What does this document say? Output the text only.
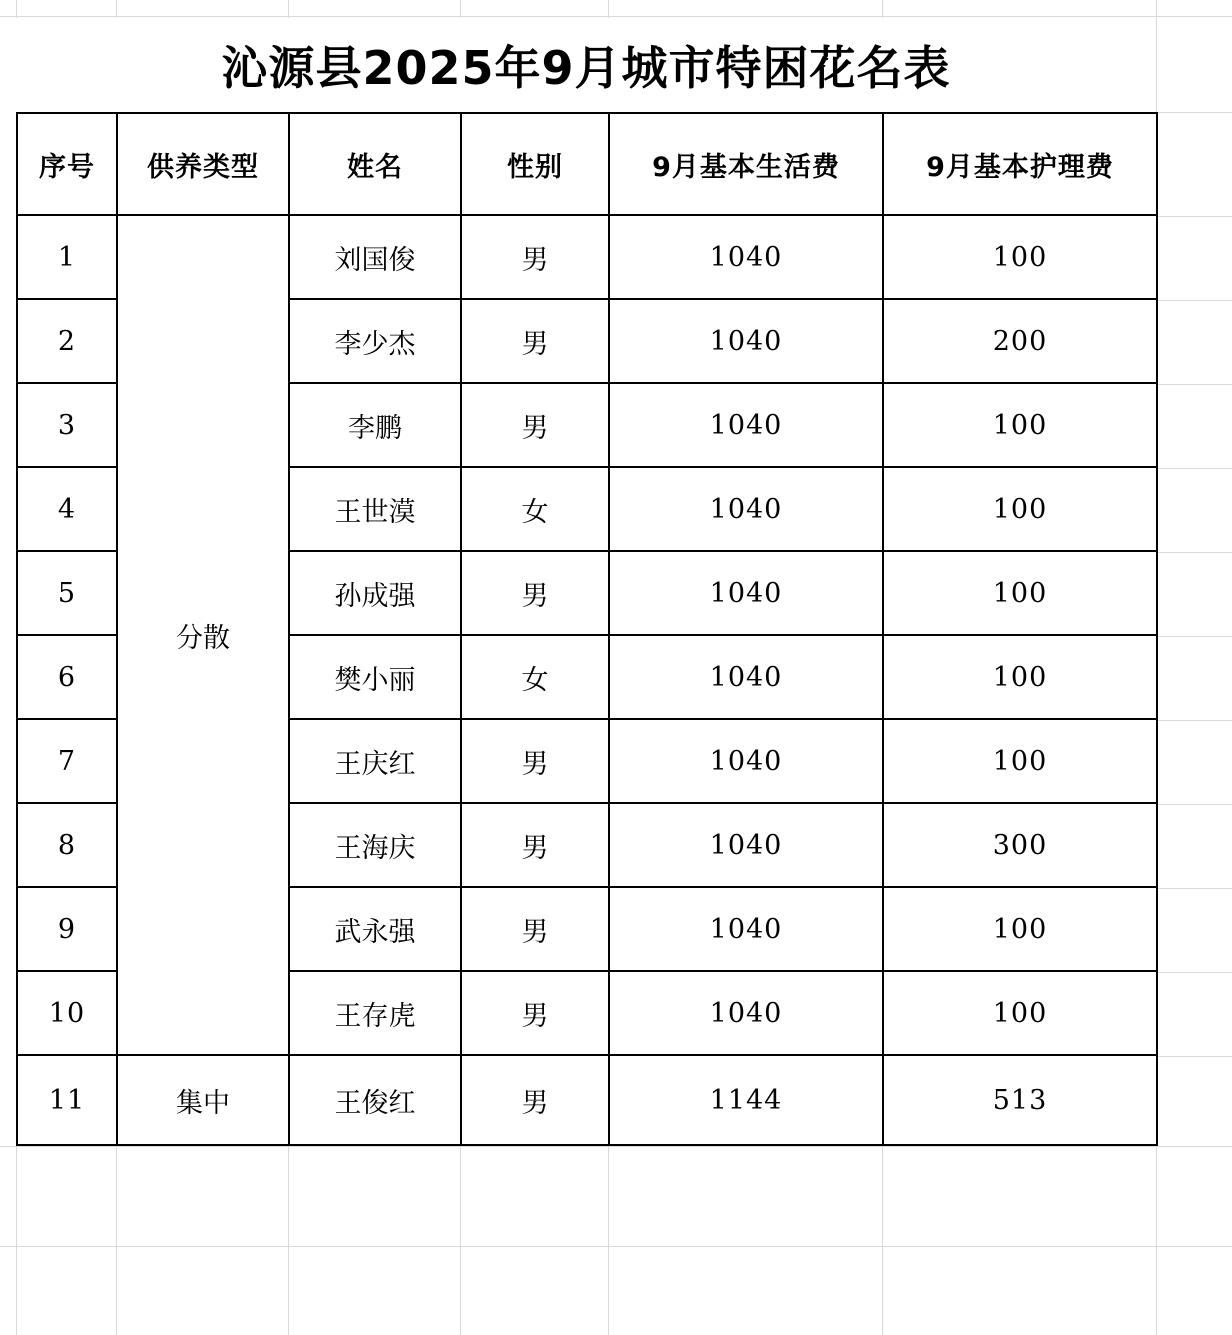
沁源县2025年9月城市特困花名表
序号	供养类型	姓名	性别	9月基本生活费	9月基本护理费
1	分散	刘国俊	男	1040	100
2		李少杰	男	1040	200
3		李鹏	男	1040	100
4		王世漠	女	1040	100
5		孙成强	男	1040	100
6		樊小丽	女	1040	100
7		王庆红	男	1040	100
8		王海庆	男	1040	300
9		武永强	男	1040	100
10		王存虎	男	1040	100
11	集中	王俊红	男	1144	513
